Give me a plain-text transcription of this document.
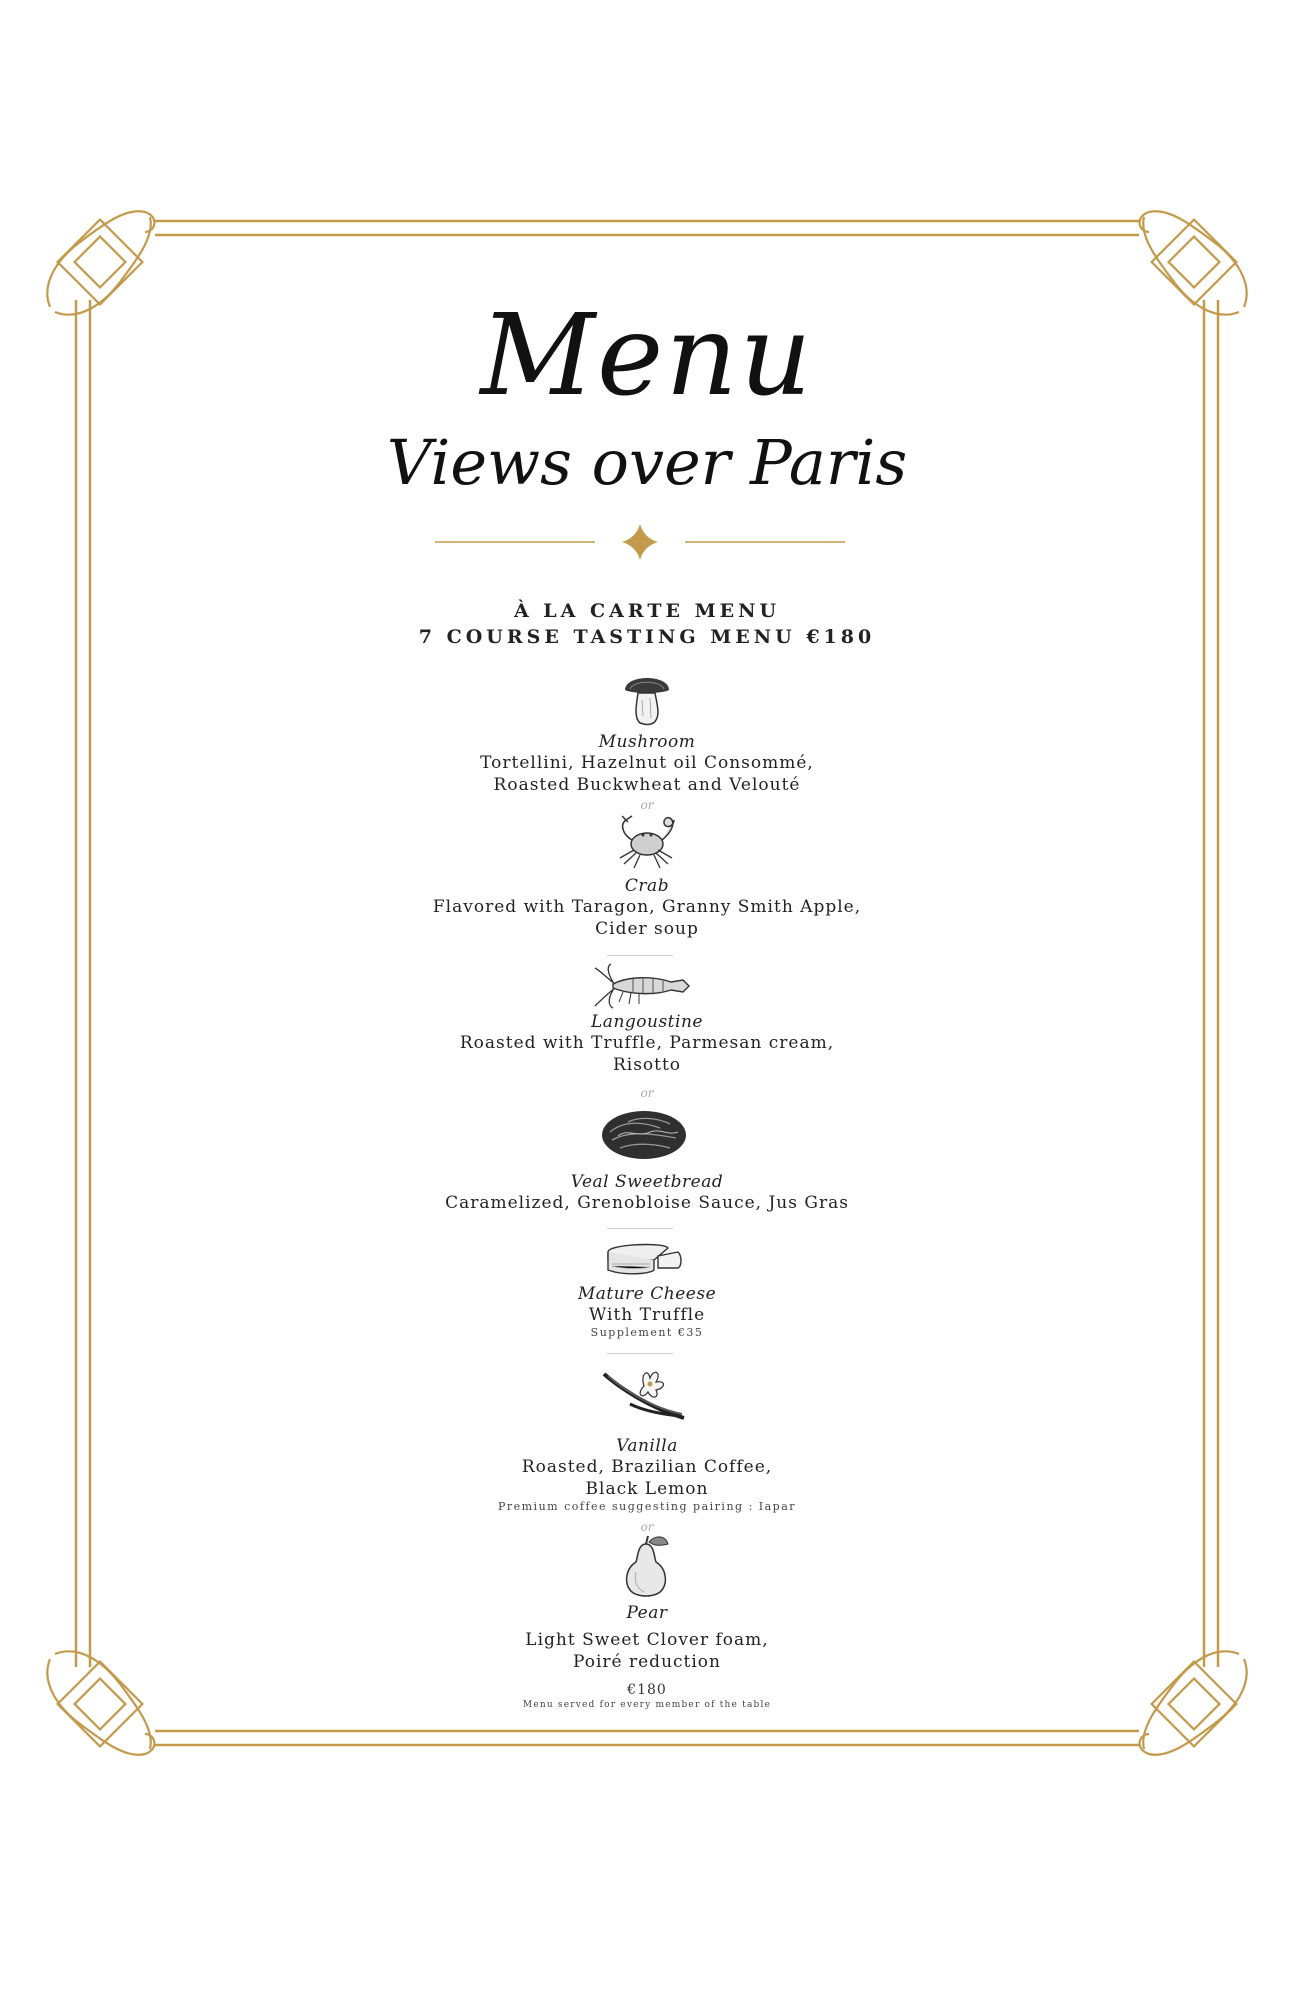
Menu
Views over Paris
À LA CARTE MENU
7 COURSE TASTING MENU €180
Mushroom
Tortellini, Hazelnut oil Consommé,
Roasted Buckwheat and Velouté
or
Crab
Flavored with Taragon, Granny Smith Apple,
Cider soup
Langoustine
Roasted with Truffle, Parmesan cream,
Risotto
or
Veal Sweetbread
Caramelized, Grenobloise Sauce, Jus Gras
Mature Cheese
With Truffle
Supplement €35
Vanilla
Roasted, Brazilian Coffee,
Black Lemon
Premium coffee suggesting pairing : Iapar
or
Pear
Light Sweet Clover foam,
Poiré reduction
€180
Menu served for every member of the table
